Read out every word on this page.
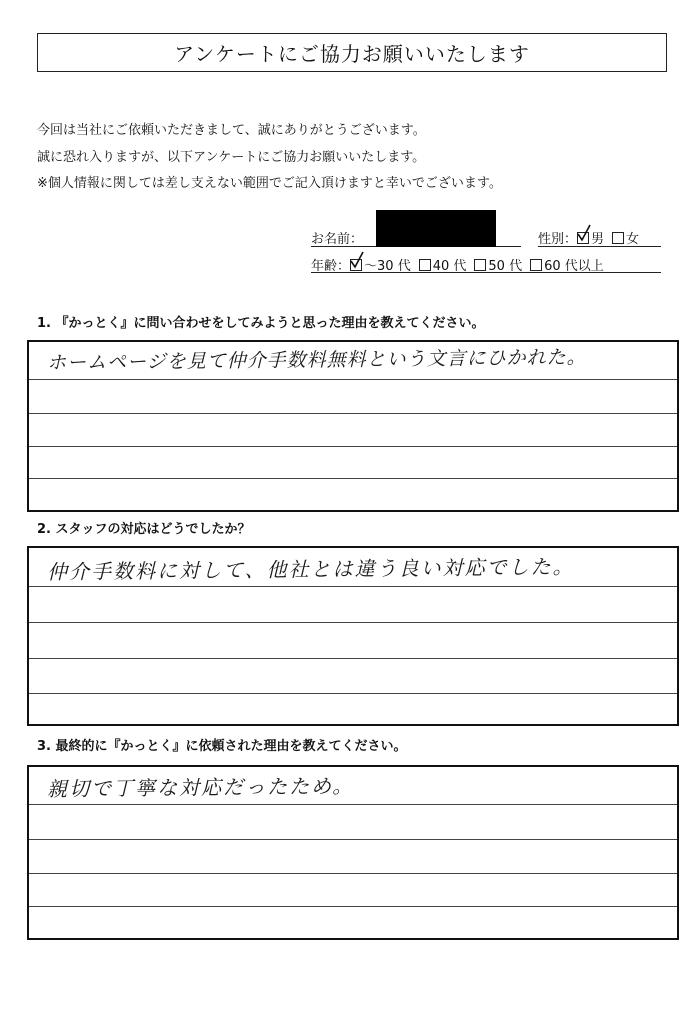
アンケートにご協力お願いいたします
今回は当社にご依頼いただきまして、誠にありがとうございます。
誠に恐れ入りますが、以下アンケートにご協力お願いいたします。
※個人情報に関しては差し支えない範囲でご記入頂けますと幸いでございます。
お名前：	性別： 男 女
年齢： ～30 代 40 代 50 代 60 代以上
1. 『かっとく』に問い合わせをしてみようと思った理由を教えてください。
ホームページを見て仲介手数料無料という文言にひかれた。
2. スタッフの対応はどうでしたか？
仲介手数料に対して、他社とは違う良い対応でした。
3. 最終的に『かっとく』に依頼された理由を教えてください。
親切で丁寧な対応だったため。
